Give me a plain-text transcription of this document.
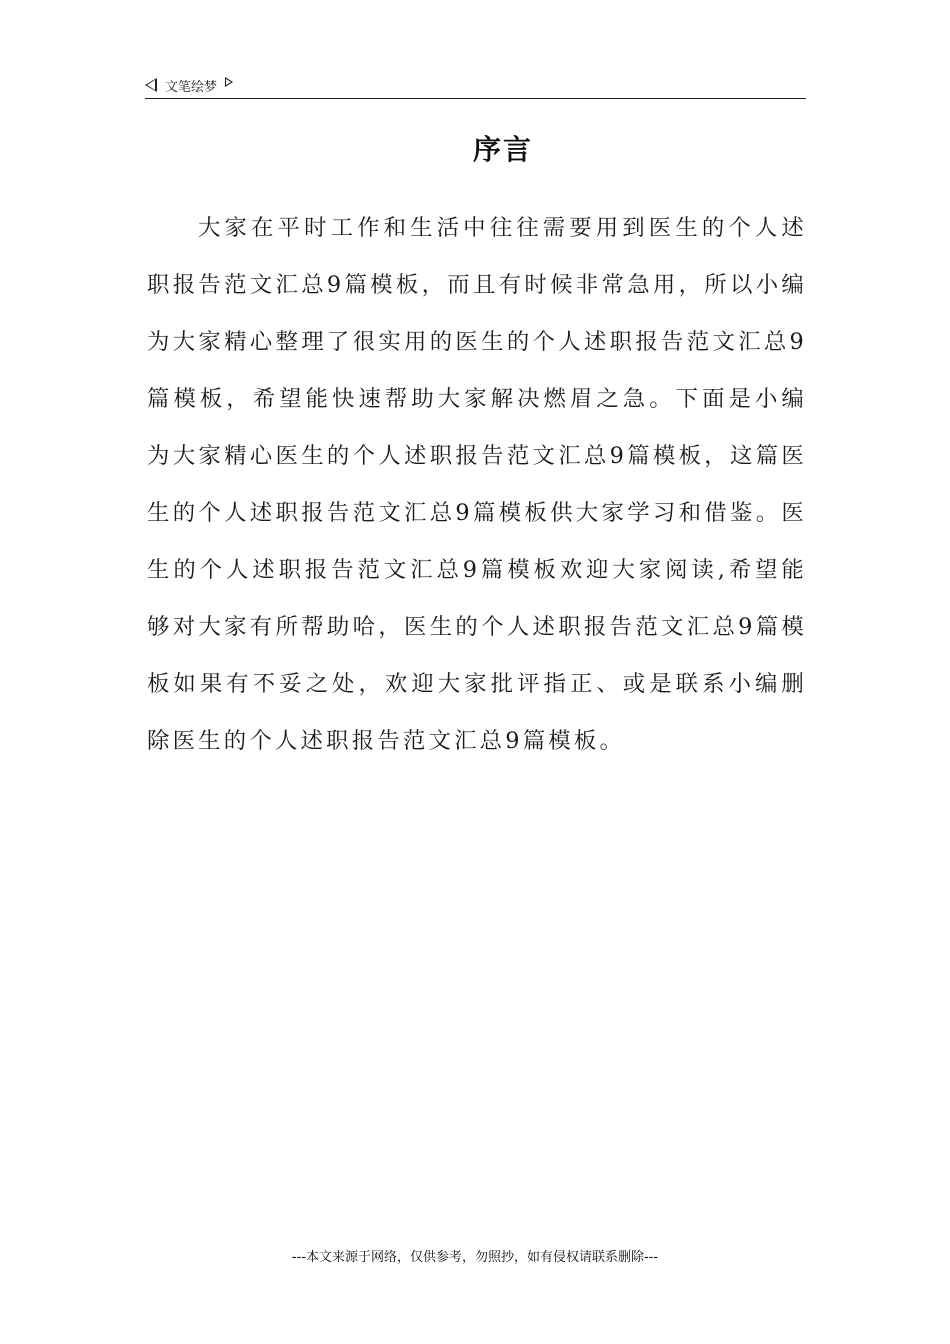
文笔绘梦
序言

大家在平时工作和生活中往往需要用到医生的个人述职报告范文汇总9篇模板，而且有时候非常急用，所以小编为大家精心整理了很实用的医生的个人述职报告范文汇总9篇模板，希望能快速帮助大家解决燃眉之急。下面是小编为大家精心医生的个人述职报告范文汇总9篇模板，这篇医生的个人述职报告范文汇总9篇模板供大家学习和借鉴。医生的个人述职报告范文汇总9篇模板欢迎大家阅读,希望能够对大家有所帮助哈，医生的个人述职报告范文汇总9篇模板如果有不妥之处，欢迎大家批评指正、或是联系小编删除医生的个人述职报告范文汇总9篇模板。

---本文来源于网络，仅供参考，勿照抄，如有侵权请联系删除---
